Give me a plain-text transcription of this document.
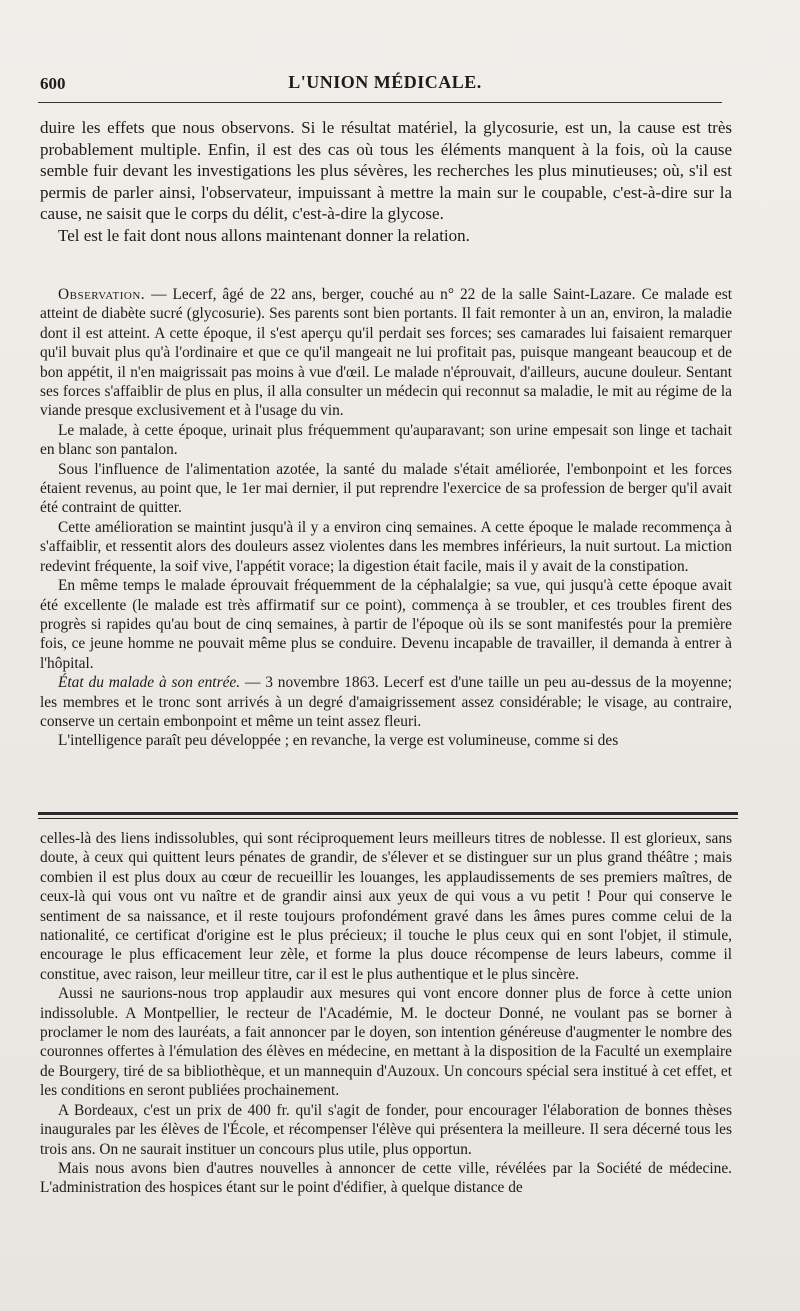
600	L'UNION MÉDICALE.

duire les effets que nous observons. Si le résultat matériel, la glycosurie, est un, la cause est très probablement multiple. Enfin, il est des cas où tous les éléments manquent à la fois, où la cause semble fuir devant les investigations les plus sévères, les recherches les plus minutieuses; où, s'il est permis de parler ainsi, l'observateur, impuissant à mettre la main sur le coupable, c'est-à-dire sur la cause, ne saisit que le corps du délit, c'est-à-dire la glycose.

Tel est le fait dont nous allons maintenant donner la relation.

Observation. — Lecerf, âgé de 22 ans, berger, couché au n° 22 de la salle Saint-Lazare. Ce malade est atteint de diabète sucré (glycosurie). Ses parents sont bien portants. Il fait remonter à un an, environ, la maladie dont il est atteint. A cette époque, il s'est aperçu qu'il perdait ses forces; ses camarades lui faisaient remarquer qu'il buvait plus qu'à l'ordinaire et que ce qu'il mangeait ne lui profitait pas, puisque mangeant beaucoup et de bon appétit, il n'en maigrissait pas moins à vue d'œil. Le malade n'éprouvait, d'ailleurs, aucune douleur. Sentant ses forces s'affaiblir de plus en plus, il alla consulter un médecin qui reconnut sa maladie, le mit au régime de la viande presque exclusivement et à l'usage du vin.

Le malade, à cette époque, urinait plus fréquemment qu'auparavant; son urine empesait son linge et tachait en blanc son pantalon.

Sous l'influence de l'alimentation azotée, la santé du malade s'était améliorée, l'embonpoint et les forces étaient revenus, au point que, le 1er mai dernier, il put reprendre l'exercice de sa profession de berger qu'il avait été contraint de quitter.

Cette amélioration se maintint jusqu'à il y a environ cinq semaines. A cette époque le malade recommença à s'affaiblir, et ressentit alors des douleurs assez violentes dans les membres inférieurs, la nuit surtout. La miction redevint fréquente, la soif vive, l'appétit vorace; la digestion était facile, mais il y avait de la constipation.

En même temps le malade éprouvait fréquemment de la céphalalgie; sa vue, qui jusqu'à cette époque avait été excellente (le malade est très affirmatif sur ce point), commença à se troubler, et ces troubles firent des progrès si rapides qu'au bout de cinq semaines, à partir de l'époque où ils se sont manifestés pour la première fois, ce jeune homme ne pouvait même plus se conduire. Devenu incapable de travailler, il demanda à entrer à l'hôpital.

État du malade à son entrée. — 3 novembre 1863. Lecerf est d'une taille un peu au-dessus de la moyenne; les membres et le tronc sont arrivés à un degré d'amaigrissement assez considérable; le visage, au contraire, conserve un certain embonpoint et même un teint assez fleuri.

L'intelligence paraît peu développée ; en revanche, la verge est volumineuse, comme si des

celles-là des liens indissolubles, qui sont réciproquement leurs meilleurs titres de noblesse. Il est glorieux, sans doute, à ceux qui quittent leurs pénates de grandir, de s'élever et se distinguer sur un plus grand théâtre ; mais combien il est plus doux au cœur de recueillir les louanges, les applaudissements de ses premiers maîtres, de ceux-là qui vous ont vu naître et de grandir ainsi aux yeux de qui vous a vu petit ! Pour qui conserve le sentiment de sa naissance, et il reste toujours profondément gravé dans les âmes pures comme celui de la nationalité, ce certificat d'origine est le plus précieux; il touche le plus ceux qui en sont l'objet, il stimule, encourage le plus efficacement leur zèle, et forme la plus douce récompense de leurs labeurs, comme il constitue, avec raison, leur meilleur titre, car il est le plus authentique et le plus sincère.

Aussi ne saurions-nous trop applaudir aux mesures qui vont encore donner plus de force à cette union indissoluble. A Montpellier, le recteur de l'Académie, M. le docteur Donné, ne voulant pas se borner à proclamer le nom des lauréats, a fait annoncer par le doyen, son intention généreuse d'augmenter le nombre des couronnes offertes à l'émulation des élèves en médecine, en mettant à la disposition de la Faculté un exemplaire de Bourgery, tiré de sa bibliothèque, et un mannequin d'Auzoux. Un concours spécial sera institué à cet effet, et les conditions en seront publiées prochainement.

A Bordeaux, c'est un prix de 400 fr. qu'il s'agit de fonder, pour encourager l'élaboration de bonnes thèses inaugurales par les élèves de l'École, et récompenser l'élève qui présentera la meilleure. Il sera décerné tous les trois ans. On ne saurait instituer un concours plus utile, plus opportun.

Mais nous avons bien d'autres nouvelles à annoncer de cette ville, révélées par la Société de médecine. L'administration des hospices étant sur le point d'édifier, à quelque distance de
